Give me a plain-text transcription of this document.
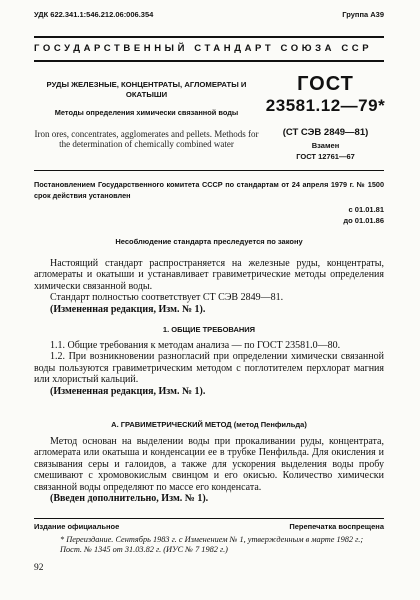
УДК 622.341.1:546.212.06:006.354	Группа А39
ГОСУДАРСТВЕННЫЙ СТАНДАРТ СОЮЗА ССР
РУДЫ ЖЕЛЕЗНЫЕ, КОНЦЕНТРАТЫ, АГЛОМЕРАТЫ И ОКАТЫШИ
Методы определения химически связанной воды
Iron ores, concentrates, agglomerates and pellets. Methods for the determination of chemically combined water
ГОСТ
23581.12—79*
(СТ СЭВ 2849—81)
Взамен
ГОСТ 12761—67
Постановлением Государственного комитета СССР по стандартам от 24 апреля 1979 г. № 1500 срок действия установлен
с 01.01.81
до 01.01.86
Несоблюдение стандарта преследуется по закону

Настоящий стандарт распространяется на железные руды, концентраты, агломераты и окатыши и устанавливает гравиметрические методы определения химически связанной воды.

Стандарт полностью соответствует СТ СЭВ 2849—81.

(Измененная редакция, Изм. № 1).

1. ОБЩИЕ ТРЕБОВАНИЯ

1.1. Общие требования к методам анализа — по ГОСТ 23581.0—80.

1.2. При возникновении разногласий при определении химически связанной воды пользуются гравиметрическим методом с поглотителем перхлорат магния или хлористый кальций.

(Измененная редакция, Изм. № 1).

А. ГРАВИМЕТРИЧЕСКИЙ МЕТОД (метод Пенфильда)

Метод основан на выделении воды при прокаливании руды, концентрата, агломерата или окатыша и конденсации ее в трубке Пенфильда. Для окисления и связывания серы и галоидов, а также для ускорения выделения воды пробу смешивают с хромовокислым свинцом и его окисью. Количество химически связанной воды определяют по массе его конденсата.

(Введен дополнительно, Изм. № 1).

Издание официальное	Перепечатка воспрещена
* Переиздание. Сентябрь 1983 г. с Изменением № 1, утвержденным в марте 1982 г.; Пост. № 1345 от 31.03.82 г. (ИУС № 7 1982 г.)
92
